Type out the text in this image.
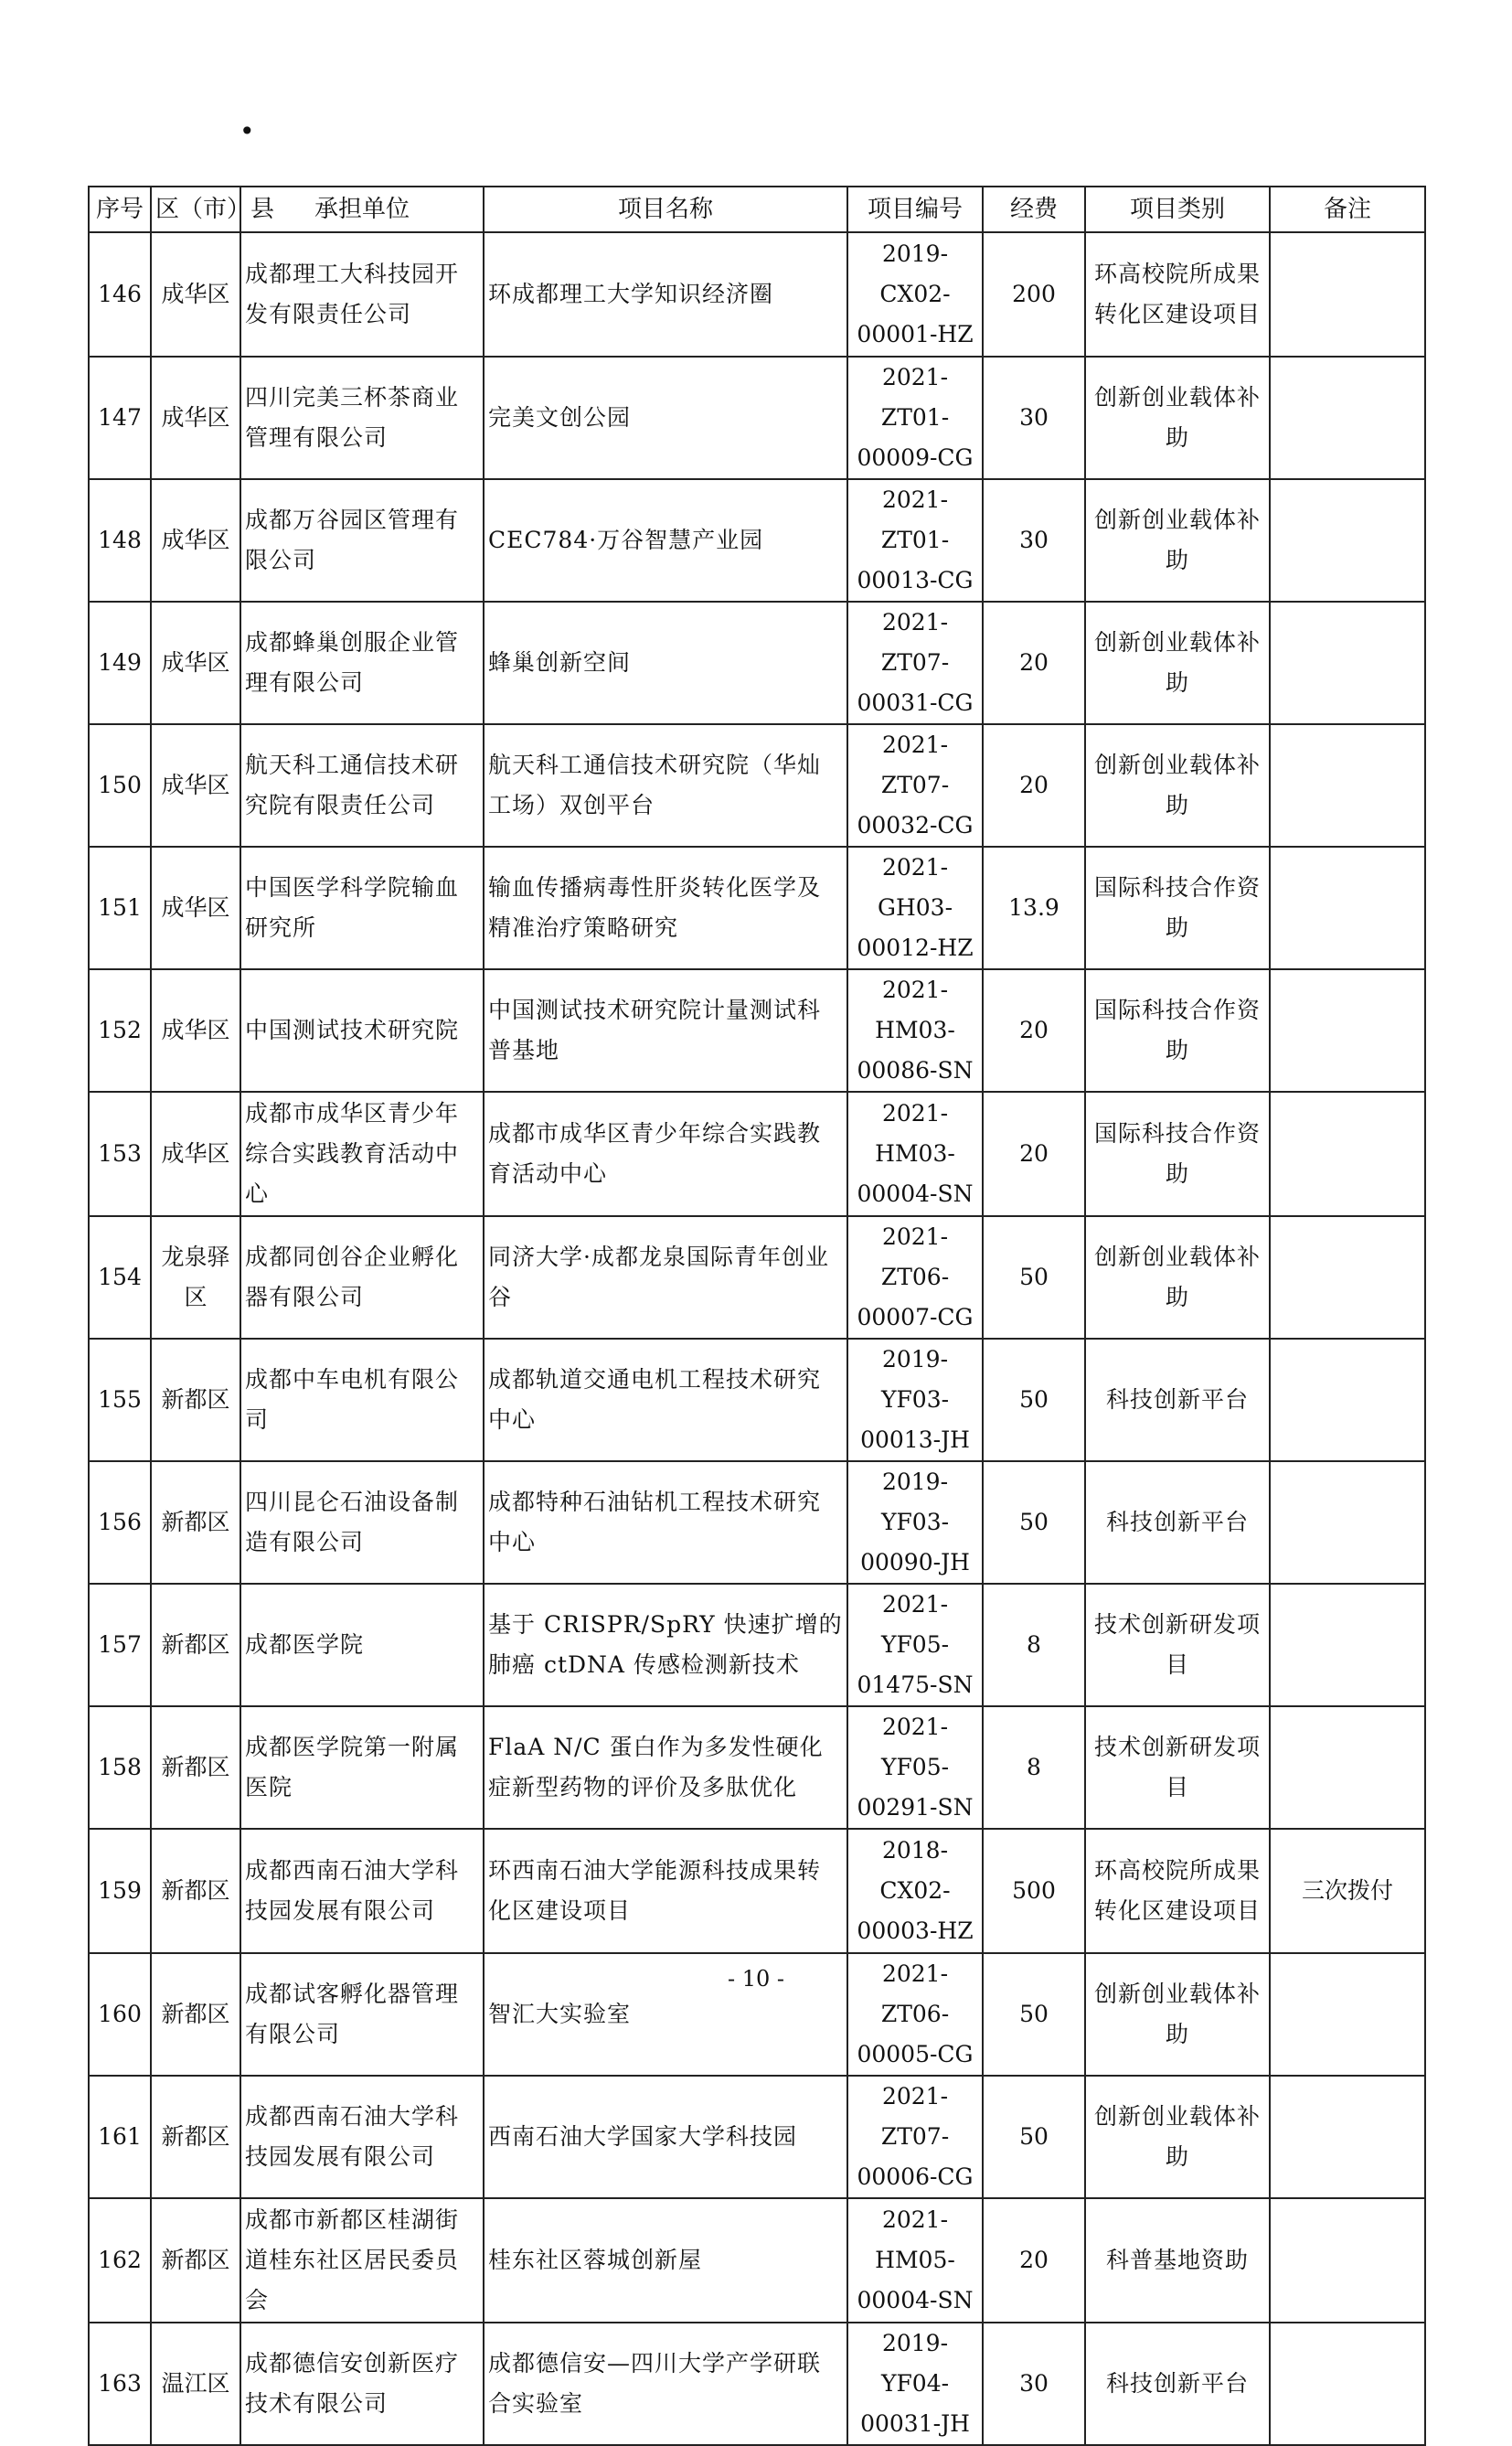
•
序号	区（市）县	承担单位	项目名称	项目编号	经费	项目类别	备注
146	成华区	成都理工大科技园开发有限责任公司	环成都理工大学知识经济圈	2019-CX02-00001-HZ	200	环高校院所成果转化区建设项目	
147	成华区	四川完美三杯茶商业管理有限公司	完美文创公园	2021-ZT01-00009-CG	30	创新创业载体补助	
148	成华区	成都万谷园区管理有限公司	CEC784·万谷智慧产业园	2021-ZT01-00013-CG	30	创新创业载体补助	
149	成华区	成都蜂巢创服企业管理有限公司	蜂巢创新空间	2021-ZT07-00031-CG	20	创新创业载体补助	
150	成华区	航天科工通信技术研究院有限责任公司	航天科工通信技术研究院（华灿工场）双创平台	2021-ZT07-00032-CG	20	创新创业载体补助	
151	成华区	中国医学科学院输血研究所	输血传播病毒性肝炎转化医学及精准治疗策略研究	2021-GH03-00012-HZ	13.9	国际科技合作资助	
152	成华区	中国测试技术研究院	中国测试技术研究院计量测试科普基地	2021-HM03-00086-SN	20	国际科技合作资助	
153	成华区	成都市成华区青少年综合实践教育活动中心	成都市成华区青少年综合实践教育活动中心	2021-HM03-00004-SN	20	国际科技合作资助	
154	龙泉驿区	成都同创谷企业孵化器有限公司	同济大学·成都龙泉国际青年创业谷	2021-ZT06-00007-CG	50	创新创业载体补助	
155	新都区	成都中车电机有限公司	成都轨道交通电机工程技术研究中心	2019-YF03-00013-JH	50	科技创新平台	
156	新都区	四川昆仑石油设备制造有限公司	成都特种石油钻机工程技术研究中心	2019-YF03-00090-JH	50	科技创新平台	
157	新都区	成都医学院	基于 CRISPR/SpRY 快速扩增的肺癌 ctDNA 传感检测新技术	2021-YF05-01475-SN	8	技术创新研发项目	
158	新都区	成都医学院第一附属医院	FlaA N/C 蛋白作为多发性硬化症新型药物的评价及多肽优化	2021-YF05-00291-SN	8	技术创新研发项目	
159	新都区	成都西南石油大学科技园发展有限公司	环西南石油大学能源科技成果转化区建设项目	2018-CX02-00003-HZ	500	环高校院所成果转化区建设项目	三次拨付
160	新都区	成都试客孵化器管理有限公司	智汇大实验室	2021-ZT06-00005-CG	50	创新创业载体补助	
161	新都区	成都西南石油大学科技园发展有限公司	西南石油大学国家大学科技园	2021-ZT07-00006-CG	50	创新创业载体补助	
162	新都区	成都市新都区桂湖街道桂东社区居民委员会	桂东社区蓉城创新屋	2021-HM05-00004-SN	20	科普基地资助	
163	温江区	成都德信安创新医疗技术有限公司	成都德信安—四川大学产学研联合实验室	2019-YF04-00031-JH	30	科技创新平台	
- 10 -
